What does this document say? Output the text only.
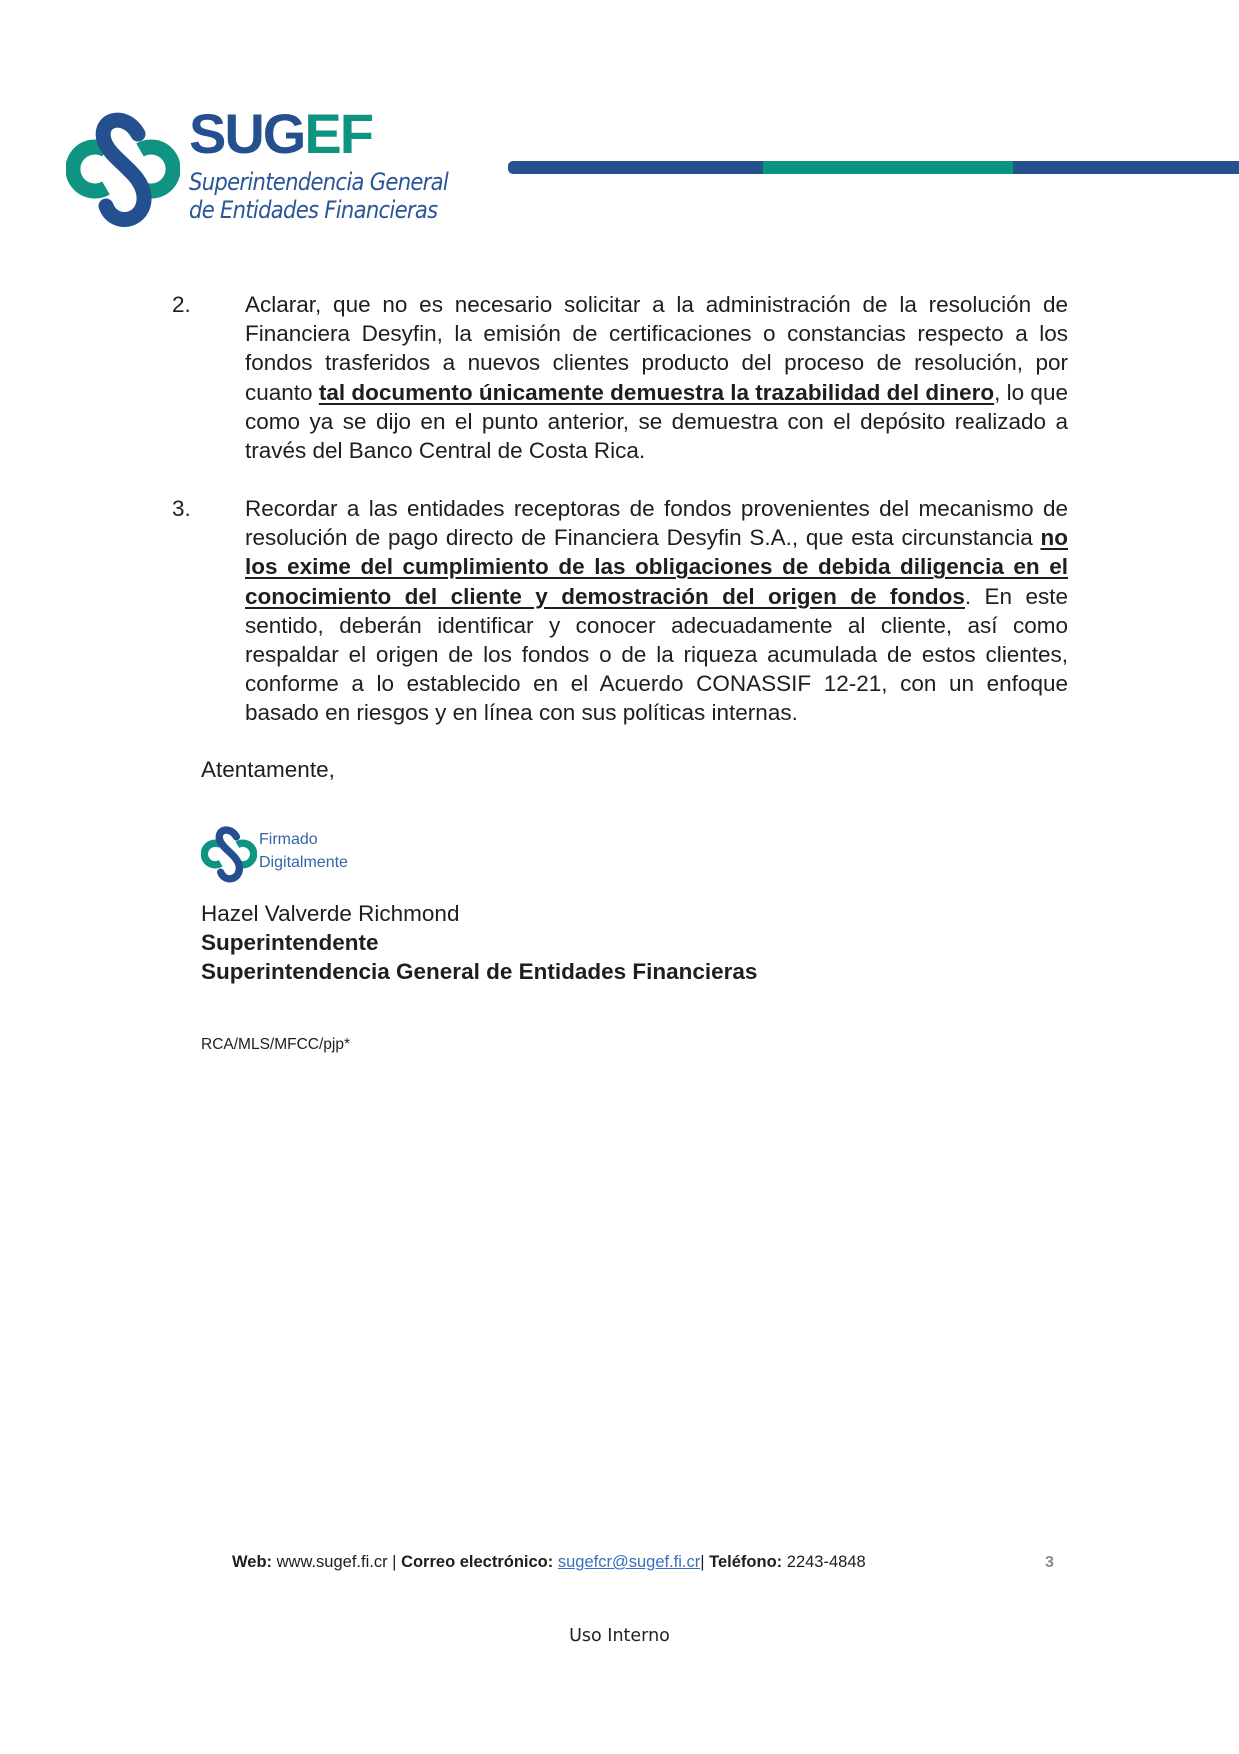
SUGEF
Superintendencia General
de Entidades Financieras
2. Aclarar, que no es necesario solicitar a la administración de la resolución de Financiera Desyfin, la emisión de certificaciones o constancias respecto a los fondos trasferidos a nuevos clientes producto del proceso de resolución, por cuanto tal documento únicamente demuestra la trazabilidad del dinero, lo que como ya se dijo en el punto anterior, se demuestra con el depósito realizado a través del Banco Central de Costa Rica.
3. Recordar a las entidades receptoras de fondos provenientes del mecanismo de resolución de pago directo de Financiera Desyfin S.A., que esta circunstancia no los exime del cumplimiento de las obligaciones de debida diligencia en el conocimiento del cliente y demostración del origen de fondos. En este sentido, deberán identificar y conocer adecuadamente al cliente, así como respaldar el origen de los fondos o de la riqueza acumulada de estos clientes, conforme a lo establecido en el Acuerdo CONASSIF 12-21, con un enfoque basado en riesgos y en línea con sus políticas internas.
Atentamente,
Firmado
Digitalmente
Hazel Valverde Richmond
Superintendente
Superintendencia General de Entidades Financieras
RCA/MLS/MFCC/pjp*
Web: www.sugef.fi.cr | Correo electrónico: sugefcr@sugef.fi.cr| Teléfono: 2243-4848	3
Uso Interno
